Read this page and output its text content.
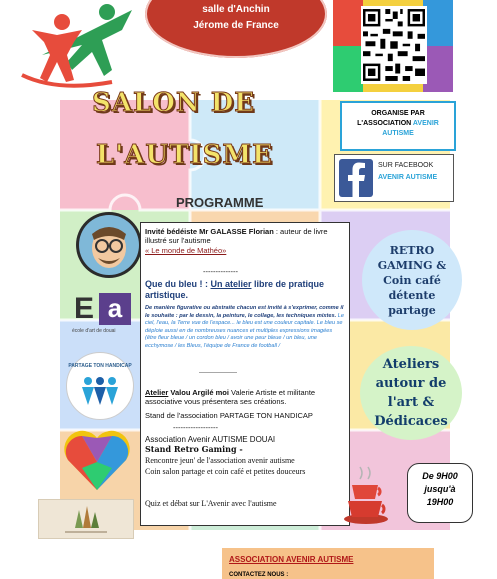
salle d'Anchin
Jérome de France
SALON DE
L'AUTISME
ORGANISE PAR
L'ASSOCIATION AVENIR
AUTISME
SUR FACEBOOK
AVENIR AUTISME
PROGRAMME
E a
école d'art de douai
PARTAGE TON HANDICAP
Invité bédéiste Mr GALASSE Florian : auteur de livre illustré sur l'autisme
« Le monde de Mathéo»
--------------
Que du bleu ! : Un atelier libre de pratique artistique.
De manière figurative ou abstraite chacun est invité à s'exprimer, comme il le souhaite : par le dessin, la peinture, le collage, les techniques mixtes. Le ciel, l'eau, la Terre vue de l'espace... le bleu est une couleur capitale. Le bleu se déploie aussi en de nombreuses nuances et multiples expressions imagées (être fleur bleue / un cordon bleu / avoir une peur bleue / un bleu, une ecchymose / les Bleus, l'équipe de France de football /
-------------------
Atelier Valou Argilé moi Valerie Artiste et militante associative vous présentera ses créations.
Stand de l'association PARTAGE TON HANDICAP
------------------
Association Avenir AUTISME DOUAI
Stand Retro Gaming -
Rencontre jeun' de l'association avenir autisme
Coin salon partage et coin café et petites douceurs
Quiz et débat sur L'Avenir avec l'autisme
RETRO
GAMING &
Coin café
détente
partage
Ateliers
autour de
l'art &
Dédicaces
De 9H00
jusqu'à
19H00
ASSOCIATION AVENIR AUTISME
CONTACTEZ NOUS :
